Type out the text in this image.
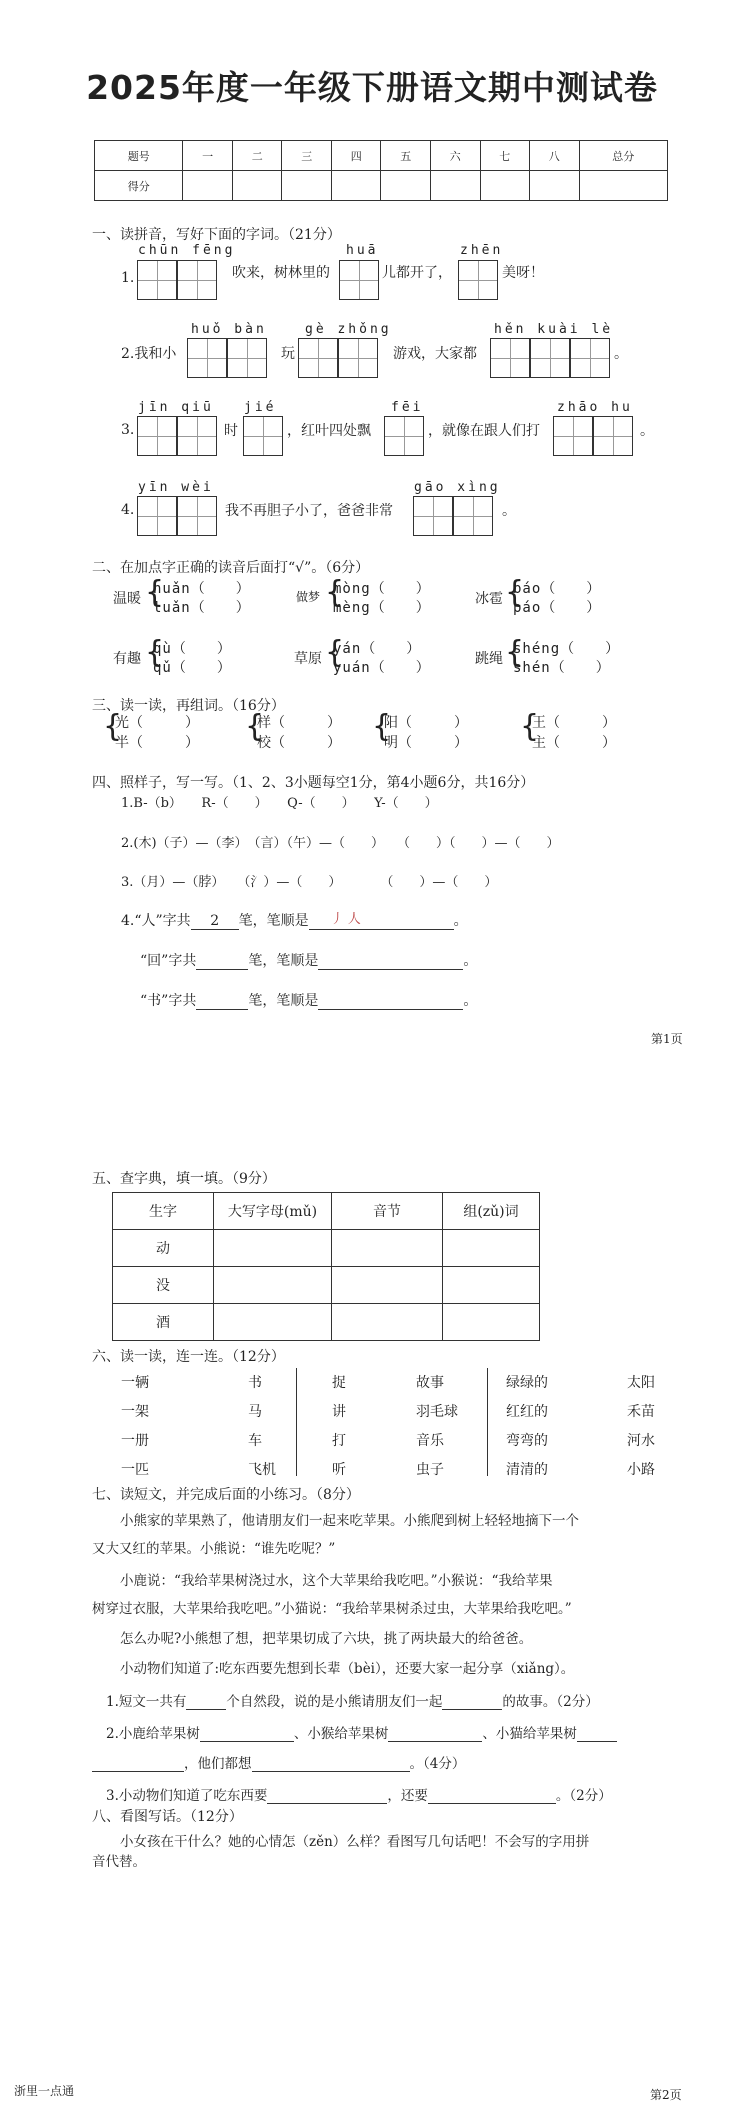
2025年度一年级下册语文期中测试卷
题号	一	二	三	四	五	六	七	八	总分
得分									
一、读拼音，写好下面的字词。（21分）
1.
chūn fēng
吹来，树林里的
huā
儿都开了，
zhēn
美呀！
2.我和小
huǒ bàn
玩
gè zhǒng
游戏，大家都
hěn kuài lè
。
3.
jīn qiū
时
jié
，红叶四处飘
fēi
，就像在跟人们打
zhāo hu
。
4.
yīn wèi
我不再胆子小了，爸爸非常
gāo xìng
。
二、在加点字正确的读音后面打“√”。（6分）
温暖 {
nuǎn（　　）
luǎn（　　）
做梦 {
mòng（　　）
mèng（　　）
冰雹 {
báo（　　）
páo（　　）
有趣 {
qù（　　）
qǔ（　　）
草原 {
yán（　　）
yuán（　　）
跳绳 {
shéng（　　）
shén（　　）
三、读一读，再组词。（16分）
{
光（　　　）
半（　　　） {
样（　　　）
校（　　　） {
阳（　　　）
明（　　　） {
王（　　　）
主（　　　）
四、照样子，写一写。（1、2、3小题每空1分，第4小题6分，共16分）
1.B-（b）　　R-（　　）　　Q-（　　）　　Y-（　　）
2.(木)（子）—（李）　（言）（午）—（　　）　　（　　）（　　）—（　　）
3.（月）—（脖）　　（氵）—（　　）　　　　（　　）—（　　）
4.“人”字共 2 笔，笔顺是 丿 人	。
“回”字共	笔，笔顺是	。
“书”字共	笔，笔顺是	。
第1页
五、查字典，填一填。（9分）
生字	大写字母(mǔ)	音节	组(zǔ)词
动			
没			
酒			
六、读一读，连一连。（12分）
一辆	书
一架	马
一册	车
一匹	飞机
捉	故事
讲	羽毛球
打	音乐
听	虫子
绿绿的	太阳
红红的	禾苗
弯弯的	河水
清清的	小路
七、读短文，并完成后面的小练习。（8分）
小熊家的苹果熟了，他请朋友们一起来吃苹果。小熊爬到树上轻轻地摘下一个
又大又红的苹果。小熊说：“谁先吃呢？”
小鹿说：“我给苹果树浇过水，这个大苹果给我吃吧。”小猴说：“我给苹果
树穿过衣服，大苹果给我吃吧。”小猫说：“我给苹果树杀过虫，大苹果给我吃吧。”
怎么办呢?小熊想了想，把苹果切成了六块，挑了两块最大的给爸爸。
小动物们知道了:吃东西要先想到长辈（bèi），还要大家一起分享（xiǎng）。
1.短文一共有	个自然段，说的是小熊请朋友们一起	的故事。（2分）
2.小鹿给苹果树	、小猴给苹果树	、小猫给苹果树
，他们都想	。（4分）
3.小动物们知道了吃东西要	，还要	。（2分）
八、看图写话。（12分）
小女孩在干什么？她的心情怎（zěn）么样？看图写几句话吧！不会写的字用拼
音代替。
浙里一点通	第2页
